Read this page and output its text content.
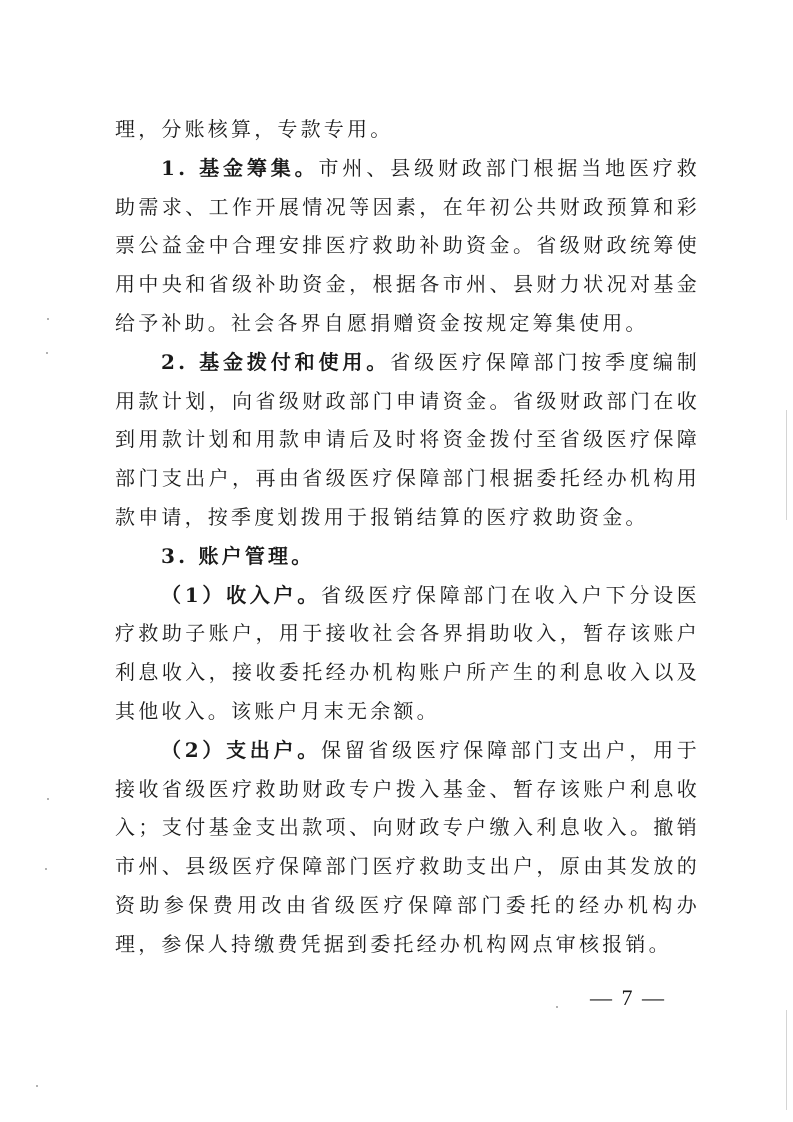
理，分账核算，专款专用。

1. 基金筹集。市州、县级财政部门根据当地医疗救助需求、工作开展情况等因素，在年初公共财政预算和彩票公益金中合理安排医疗救助补助资金。省级财政统筹使用中央和省级补助资金，根据各市州、县财力状况对基金给予补助。社会各界自愿捐赠资金按规定筹集使用。

2. 基金拨付和使用。省级医疗保障部门按季度编制用款计划，向省级财政部门申请资金。省级财政部门在收到用款计划和用款申请后及时将资金拨付至省级医疗保障部门支出户，再由省级医疗保障部门根据委托经办机构用款申请，按季度划拨用于报销结算的医疗救助资金。

3. 账户管理。

（1）收入户。省级医疗保障部门在收入户下分设医疗救助子账户，用于接收社会各界捐助收入，暂存该账户利息收入，接收委托经办机构账户所产生的利息收入以及其他收入。该账户月末无余额。

（2）支出户。保留省级医疗保障部门支出户，用于接收省级医疗救助财政专户拨入基金、暂存该账户利息收入；支付基金支出款项、向财政专户缴入利息收入。撤销市州、县级医疗保障部门医疗救助支出户，原由其发放的资助参保费用改由省级医疗保障部门委托的经办机构办理，参保人持缴费凭据到委托经办机构网点审核报销。

— 7 —
